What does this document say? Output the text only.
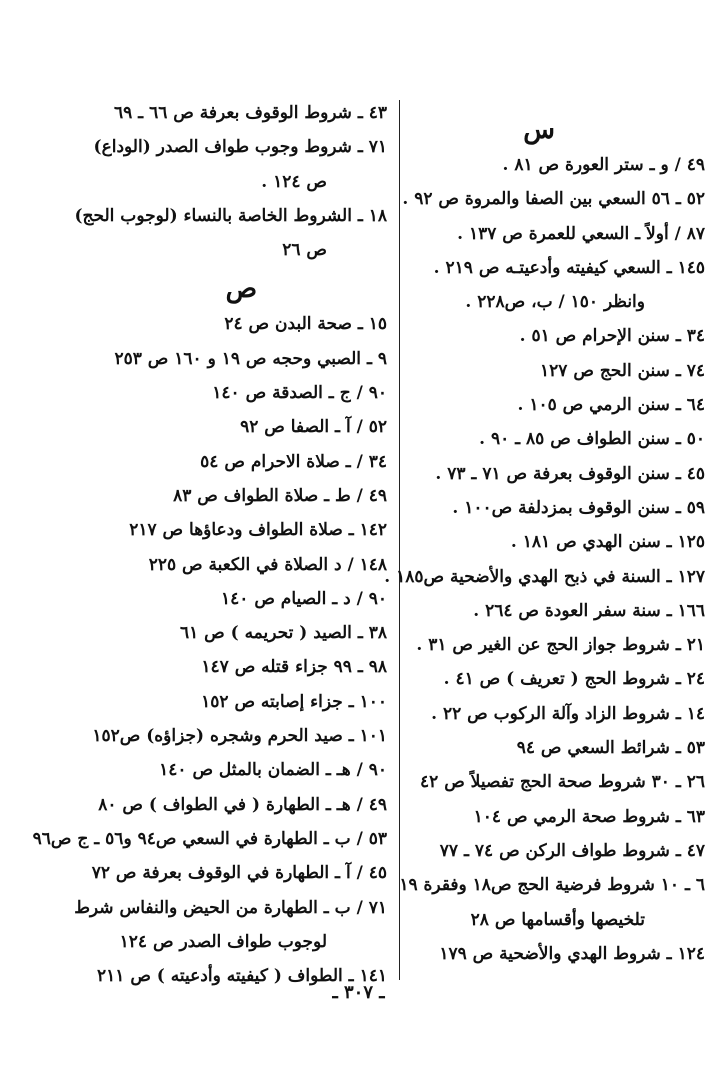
س
٤٩ / و ـ ستر العورة ص ٨١ .
٥٢ ـ ٥٦ السعي بين الصفا والمروة ص ٩٢ .
٨٧ / أولاً ـ السعي للعمرة ص ١٣٧ .
١٤٥ ـ السعي كيفيته وأدعيتـه ص ٢١٩ .
وانظر ١٥٠ / ب، ص٢٢٨ .
٣٤ ـ سنن الإحرام ص ٥١ .
٧٤ ـ سنن الحج ص ١٢٧
٦٤ ـ سنن الرمي ص ١٠٥ .
٥٠ ـ سنن الطواف ص ٨٥ ـ ٩٠ .
٤٥ ـ سنن الوقوف بعرفة ص ٧١ ـ ٧٣ .
٥٩ ـ سنن الوقوف بمزدلفة ص١٠٠ .
١٢٥ ـ سنن الهدي ص ١٨١ .
١٢٧ ـ السنة في ذبح الهدي والأضحية ص١٨٥ .
١٦٦ ـ سنة سفر العودة ص ٢٦٤ .
٢١ ـ شروط جواز الحج عن الغير ص ٣١ .
٢٤ ـ شروط الحج ( تعريف ) ص ٤١ .
١٤ ـ شروط الزاد وآلة الركوب ص ٢٢ .
٥٣ ـ شرائط السعي ص ٩٤
٢٦ ـ ٣٠ شروط صحة الحج تفصيلاً ص ٤٢
٦٣ ـ شروط صحة الرمي ص ١٠٤
٤٧ ـ شروط طواف الركن ص ٧٤ ـ ٧٧
٦ ـ ١٠ شروط فرضية الحج ص١٨ وفقرة ١٩
تلخيصها وأقسامها ص ٢٨
١٢٤ ـ شروط الهدي والأضحية ص ١٧٩
٤٣ ـ شروط الوقوف بعرفة ص ٦٦ ـ ٦٩
٧١ ـ شروط وجوب طواف الصدر (الوداع)
ص ١٢٤ .
١٨ ـ الشروط الخاصة بالنساء (لوجوب الحج)
ص ٢٦
ص
١٥ ـ صحة البدن ص ٢٤
٩ ـ الصبي وحجه ص ١٩ و ١٦٠ ص ٢٥٣
٩٠ / ج ـ الصدقة ص ١٤٠
٥٢ / آ ـ الصفا ص ٩٢
٣٤ / ـ صلاة الاحرام ص ٥٤
٤٩ / ط ـ صلاة الطواف ص ٨٣
١٤٢ ـ صلاة الطواف ودعاؤها ص ٢١٧
١٤٨ / د الصلاة في الكعبة ص ٢٢٥
٩٠ / د ـ الصيام ص ١٤٠
٣٨ ـ الصيد ( تحريمه ) ص ٦١
٩٨ ـ ٩٩ جزاء قتله ص ١٤٧
١٠٠ ـ جزاء إصابته ص ١٥٢
١٠١ ـ صيد الحرم وشجره (جزاؤه) ص١٥٢
٩٠ / هـ ـ الضمان بالمثل ص ١٤٠
٤٩ / هـ ـ الطهارة ( في الطواف ) ص ٨٠
٥٣ / ب ـ الطهارة في السعي ص٩٤ و٥٦ ـ ج ص٩٦
٤٥ / آ ـ الطهارة في الوقوف بعرفة ص ٧٢
٧١ / ب ـ الطهارة من الحيض والنفاس شرط
لوجوب طواف الصدر ص ١٢٤
١٤١ ـ الطواف ( كيفيته وأدعيته ) ص ٢١١
ـ ٣٠٧ ـ
